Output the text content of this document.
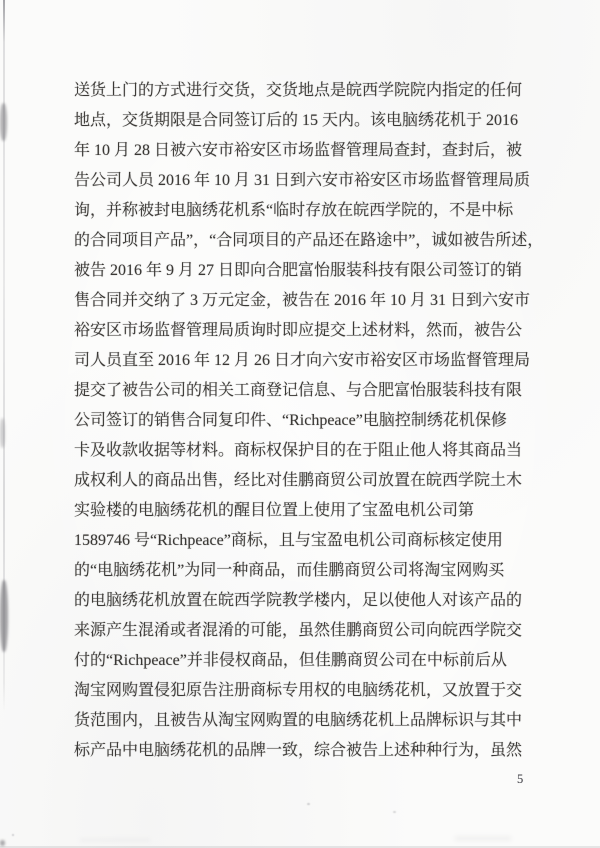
送货上门的方式进行交货，交货地点是皖西学院院内指定的任何
地点，交货期限是合同签订后的 15 天内。该电脑绣花机于 2016
年 10 月 28 日被六安市裕安区市场监督管理局查封，查封后，被
告公司人员 2016 年 10 月 31 日到六安市裕安区市场监督管理局质
询，并称被封电脑绣花机系“临时存放在皖西学院的，不是中标
的合同项目产品”，“合同项目的产品还在路途中”，诚如被告所述，
被告 2016 年 9 月 27 日即向合肥富怡服装科技有限公司签订的销
售合同并交纳了 3 万元定金，被告在 2016 年 10 月 31 日到六安市
裕安区市场监督管理局质询时即应提交上述材料，然而，被告公
司人员直至 2016 年 12 月 26 日才向六安市裕安区市场监督管理局
提交了被告公司的相关工商登记信息、与合肥富怡服装科技有限
公司签订的销售合同复印件、“Richpeace”电脑控制绣花机保修
卡及收款收据等材料。商标权保护目的在于阻止他人将其商品当
成权利人的商品出售，经比对佳鹏商贸公司放置在皖西学院土木
实验楼的电脑绣花机的醒目位置上使用了宝盈电机公司第
1589746 号“Richpeace”商标，且与宝盈电机公司商标核定使用
的“电脑绣花机”为同一种商品，而佳鹏商贸公司将淘宝网购买
的电脑绣花机放置在皖西学院教学楼内，足以使他人对该产品的
来源产生混淆或者混淆的可能，虽然佳鹏商贸公司向皖西学院交
付的“Richpeace”并非侵权商品，但佳鹏商贸公司在中标前后从
淘宝网购置侵犯原告注册商标专用权的电脑绣花机，又放置于交
货范围内，且被告从淘宝网购置的电脑绣花机上品牌标识与其中
标产品中电脑绣花机的品牌一致，综合被告上述种种行为，虽然
5
